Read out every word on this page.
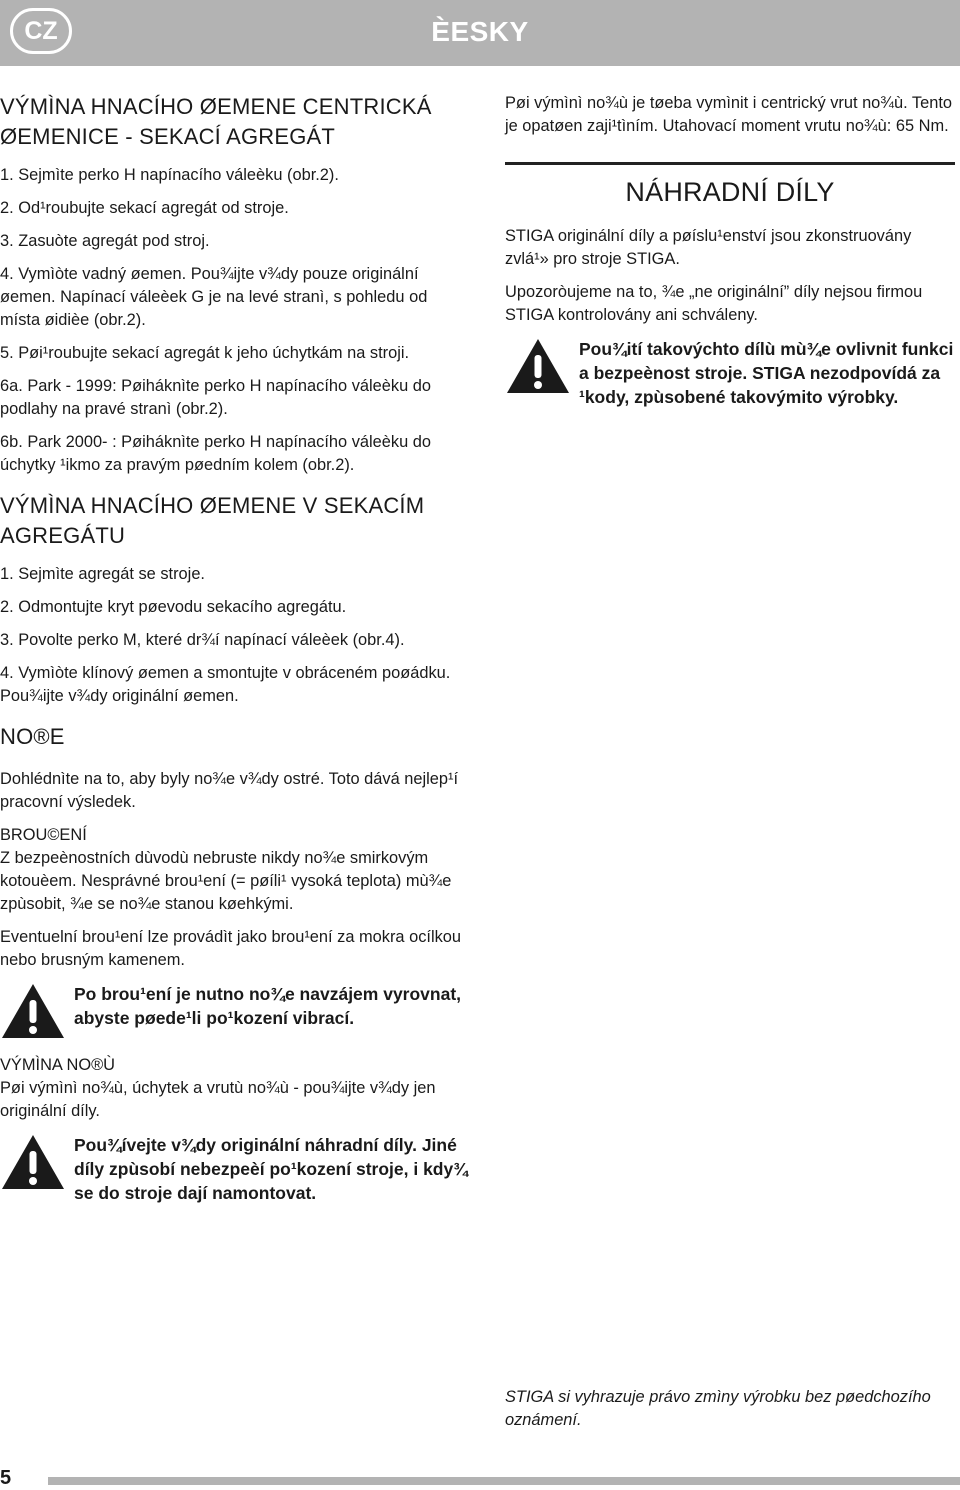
CZ	ÈESKY
VÝMÌNA HNACÍHO ØEMENE CENTRICKÁ ØEMENICE - SEKACÍ AGREGÁT

1. Sejmìte perko H napínacího váleèku (obr.2).

2. Od¹roubujte sekací agregát od stroje.

3. Zasuòte agregát pod stroj.

4. Vymìòte vadný øemen. Pou¾ijte v¾dy pouze originální øemen. Napínací váleèek G je na levé stranì, s pohledu od místa øidièe (obr.2).

5. Pøi¹roubujte sekací agregát k jeho úchytkám na stroji.

6a. Park - 1999: Pøiháknìte perko H napínacího váleèku do podlahy na pravé stranì (obr.2).

6b. Park 2000- : Pøiháknìte perko H napínacího váleèku do úchytky ¹ikmo za pravým pøedním kolem (obr.2).

VÝMÌNA HNACÍHO ØEMENE V SEKACÍM AGREGÁTU

1. Sejmìte agregát se stroje.

2. Odmontujte kryt pøevodu sekacího agregátu.

3. Povolte perko M, které dr¾í napínací váleèek (obr.4).

4. Vymìòte klínový øemen a smontujte v obráceném poøádku. Pou¾ijte v¾dy originální øemen.

NO®E

Dohlédnìte na to, aby byly no¾e v¾dy ostré. Toto dává nejlep¹í pracovní výsledek.

BROU©ENÍ

Z bezpeènostních dùvodù nebruste nikdy no¾e smirkovým kotouèem. Nesprávné brou¹ení (= pøíli¹ vysoká teplota) mù¾e zpùsobit, ¾e se no¾e stanou køehkými.

Eventuelní brou¹ení lze provádìt jako brou¹ení za mokra ocílkou nebo brusným kamenem.

Po brou¹ení je nutno no¾e navzájem vyrovnat, abyste pøede¹li po¹kození vibrací.
VÝMÌNA NO®Ù

Pøi výmìnì no¾ù, úchytek a vrutù no¾ù - pou¾ijte v¾dy jen originální díly.

Pou¾ívejte v¾dy originální náhradní díly. Jiné díly zpùsobí nebezpeèí po¹kození stroje, i kdy¾ se do stroje dají namontovat.

Pøi výmìnì no¾ù je tøeba vymìnit i centrický vrut no¾ù. Tento je opatøen zaji¹tìním. Utahovací moment vrutu no¾ù: 65 Nm.

NÁHRADNÍ DÍLY

STIGA originální díly a pøíslu¹enství jsou zkonstruovány zvlá¹» pro stroje STIGA.

Upozoròujeme na to, ¾e „ne originální” díly nejsou firmou STIGA kontrolovány ani schváleny.

Pou¾ití takovýchto dílù mù¾e ovlivnit funkci a bezpeènost stroje. STIGA nezodpovídá za ¹kody, zpùsobené takovýmito výrobky.
STIGA si vyhrazuje právo zmìny výrobku bez pøedchozího oznámení.
5
